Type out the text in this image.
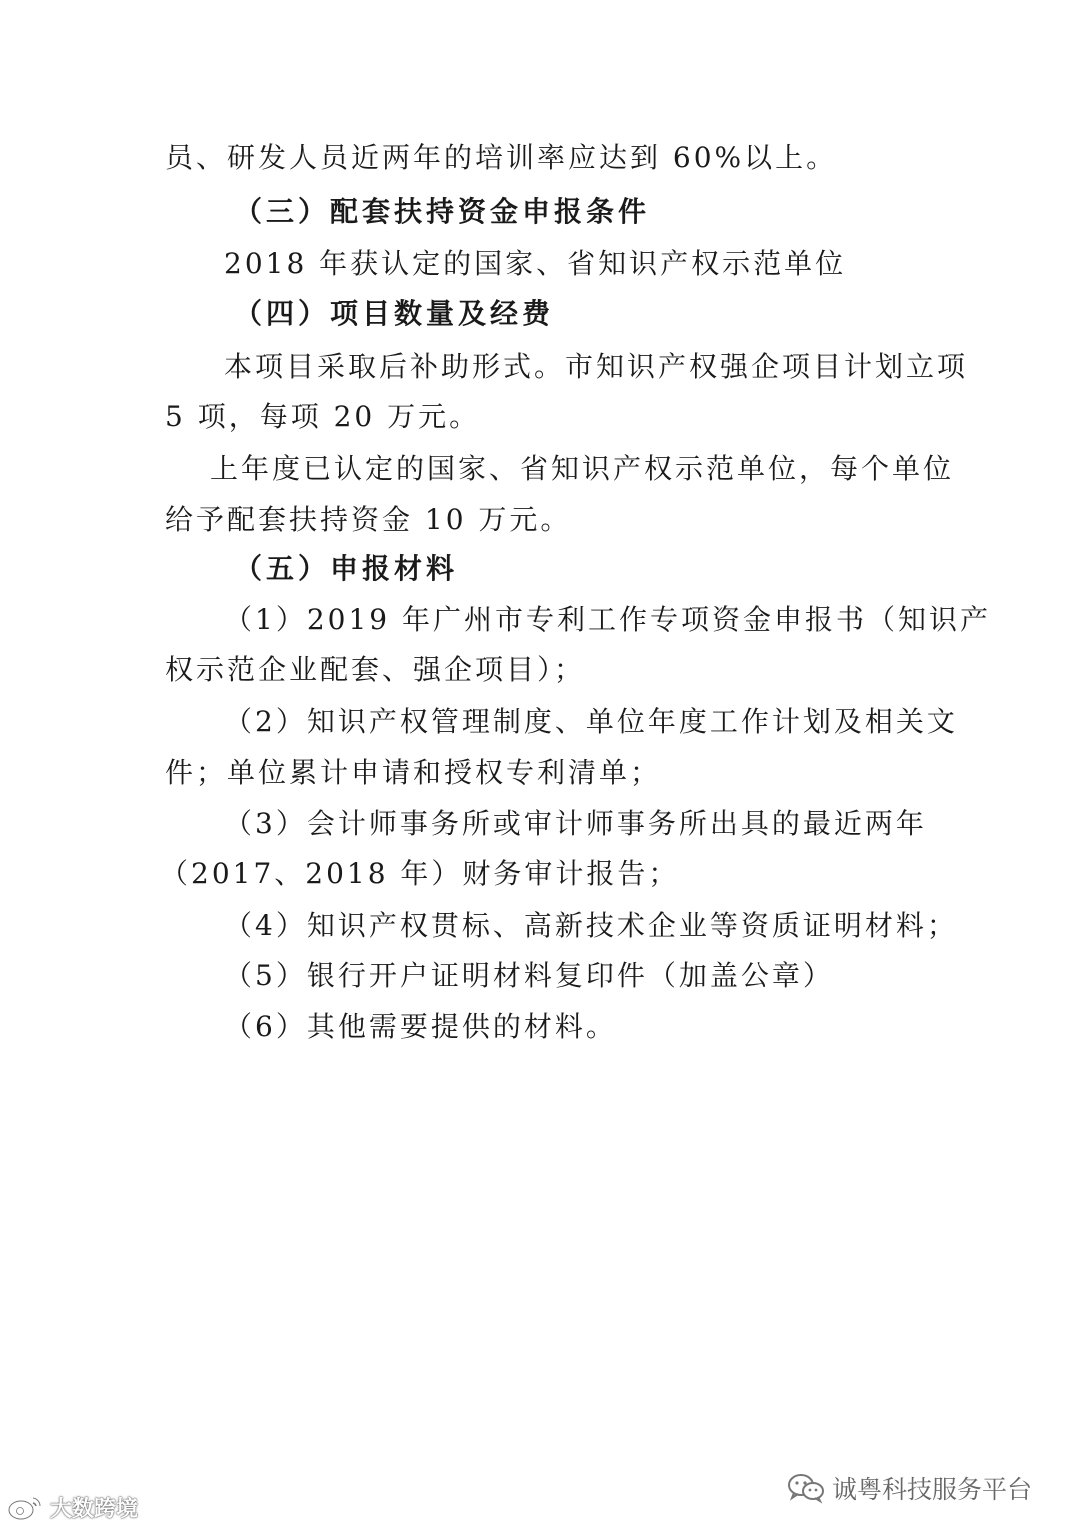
员、研发人员近两年的培训率应达到 60%以上。
（三）配套扶持资金申报条件
2018 年获认定的国家、省知识产权示范单位
（四）项目数量及经费
本项目采取后补助形式。市知识产权强企项目计划立项
5 项，每项 20 万元。
上年度已认定的国家、省知识产权示范单位，每个单位
给予配套扶持资金 10 万元。
（五）申报材料
（1）2019 年广州市专利工作专项资金申报书（知识产
权示范企业配套、强企项目）；
（2）知识产权管理制度、单位年度工作计划及相关文
件；单位累计申请和授权专利清单；
（3）会计师事务所或审计师事务所出具的最近两年
（2017、2018 年）财务审计报告；
（4）知识产权贯标、高新技术企业等资质证明材料；
（5）银行开户证明材料复印件（加盖公章）
（6）其他需要提供的材料。
大数跨境
诚粤科技服务平台
